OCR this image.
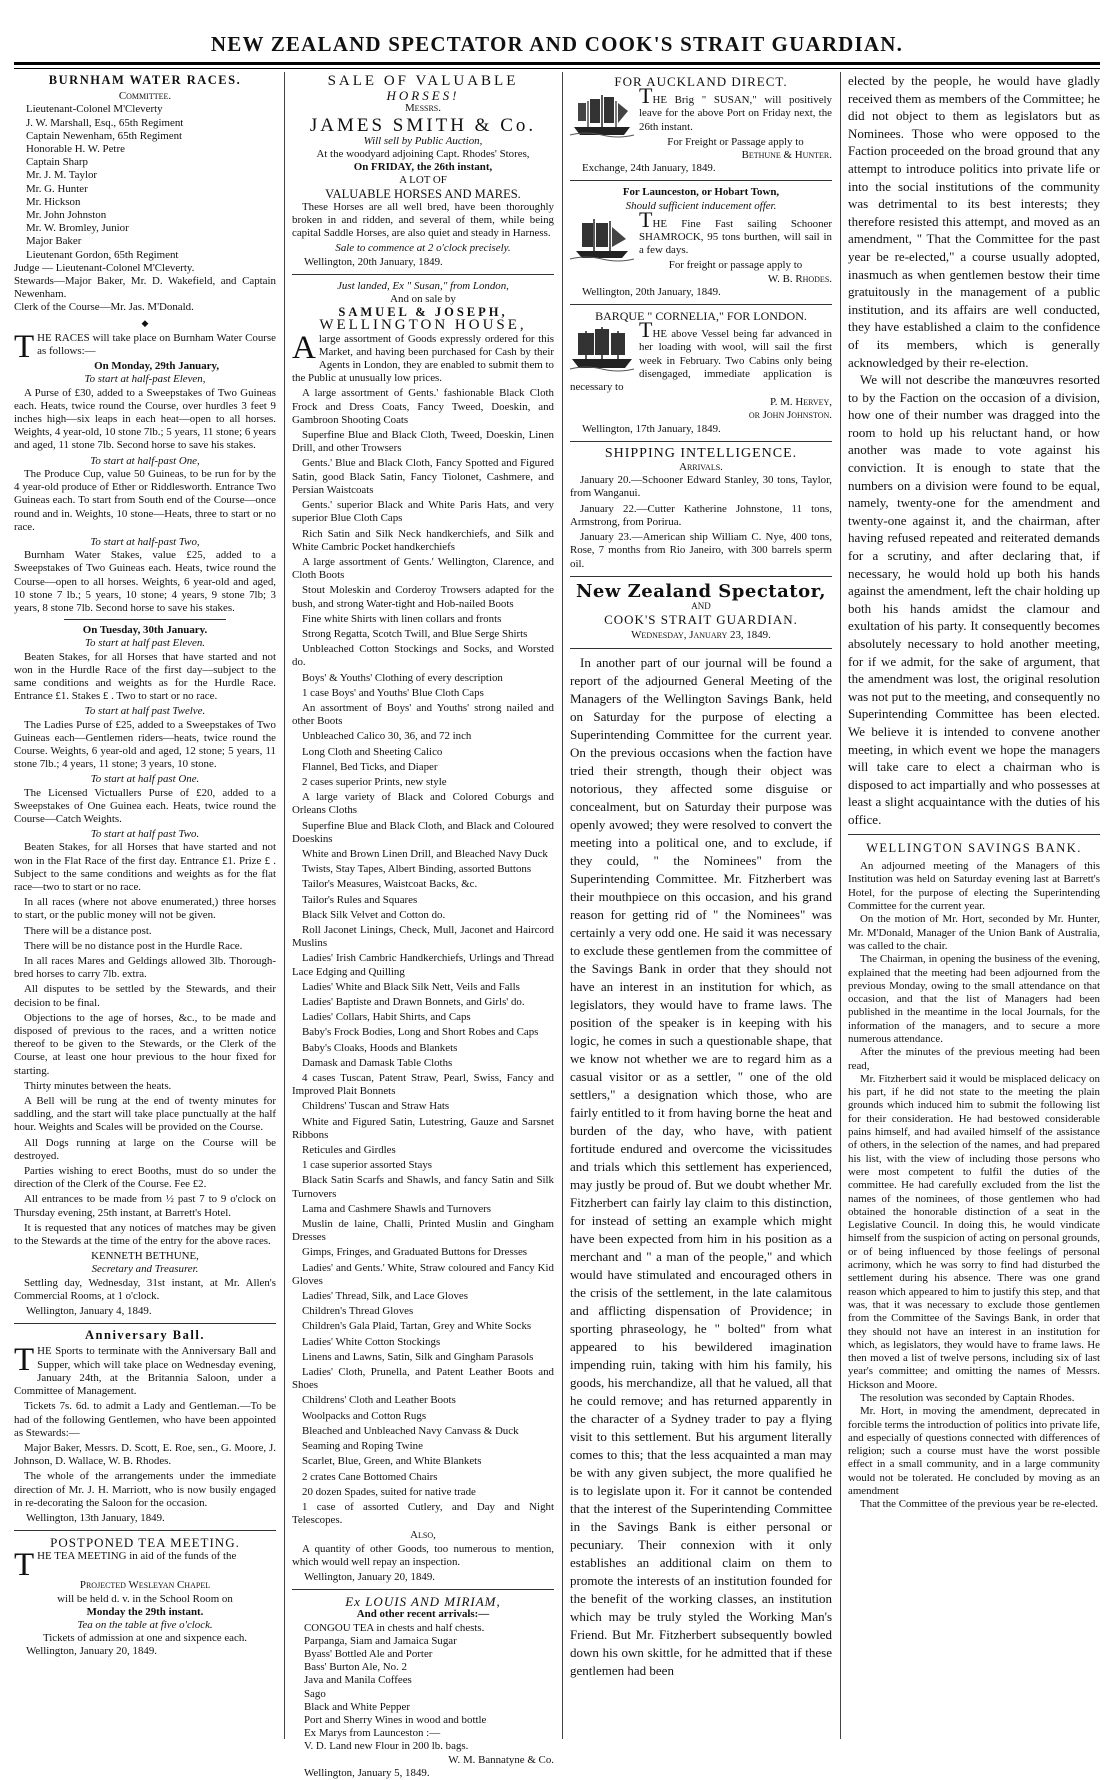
NEW ZEALAND SPECTATOR AND COOK'S STRAIT GUARDIAN.
BURNHAM WATER RACES.
Committee.
Lieutenant-Colonel M'Cleverty
J. W. Marshall, Esq., 65th Regiment
Captain Newenham, 65th Regiment
Honorable H. W. Petre
Captain Sharp
Mr. J. M. Taylor
Mr. G. Hunter
Mr. Hickson
Mr. John Johnston
Mr. W. Bromley, Junior
Major Baker
Lieutenant Gordon, 65th Regiment
Judge — Lieutenant-Colonel M'Cleverty.
Stewards—Major Baker, Mr. D. Wakefield, and Captain Newenham.
Clerk of the Course—Mr. Jas. M'Donald.
◆

THE RACES will take place on Burnham Water Course as follows:—

On Monday, 29th January,
To start at half-past Eleven,

A Purse of £30, added to a Sweepstakes of Two Guineas each. Heats, twice round the Course, over hurdles 3 feet 9 inches high—six leaps in each heat—open to all horses. Weights, 4 year-old, 10 stone 7lb.; 5 years, 11 stone; 6 years and aged, 11 stone 7lb. Second horse to save his stakes.

To start at half-past One,

The Produce Cup, value 50 Guineas, to be run for by the 4 year-old produce of Ether or Riddlesworth. Entrance Two Guineas each. To start from South end of the Course—once round and in. Weights, 10 stone—Heats, three to start or no race.

To start at half-past Two,

Burnham Water Stakes, value £25, added to a Sweepstakes of Two Guineas each. Heats, twice round the Course—open to all horses. Weights, 6 year-old and aged, 10 stone 7 lb.; 5 years, 10 stone; 4 years, 9 stone 7lb; 3 years, 8 stone 7lb. Second horse to save his stakes.

On Tuesday, 30th January.
To start at half past Eleven.

Beaten Stakes, for all Horses that have started and not won in the Hurdle Race of the first day—subject to the same conditions and weights as for the Hurdle Race. Entrance £1. Stakes £ . Two to start or no race.

To start at half past Twelve.

The Ladies Purse of £25, added to a Sweepstakes of Two Guineas each—Gentlemen riders—heats, twice round the Course. Weights, 6 year-old and aged, 12 stone; 5 years, 11 stone 7lb.; 4 years, 11 stone; 3 years, 10 stone.

To start at half past One.

The Licensed Victuallers Purse of £20, added to a Sweepstakes of One Guinea each. Heats, twice round the Course—Catch Weights.

To start at half past Two.

Beaten Stakes, for all Horses that have started and not won in the Flat Race of the first day. Entrance £1. Prize £ . Subject to the same conditions and weights as for the flat race—two to start or no race.

In all races (where not above enumerated,) three horses to start, or the public money will not be given.

There will be a distance post.

There will be no distance post in the Hurdle Race.

In all races Mares and Geldings allowed 3lb. Thorough-bred horses to carry 7lb. extra.

All disputes to be settled by the Stewards, and their decision to be final.

Objections to the age of horses, &c., to be made and disposed of previous to the races, and a written notice thereof to be given to the Stewards, or the Clerk of the Course, at least one hour previous to the hour fixed for starting.

Thirty minutes between the heats.

A Bell will be rung at the end of twenty minutes for saddling, and the start will take place punctually at the half hour. Weights and Scales will be provided on the Course.

All Dogs running at large on the Course will be destroyed.

Parties wishing to erect Booths, must do so under the direction of the Clerk of the Course. Fee £2.

All entrances to be made from ½ past 7 to 9 o'clock on Thursday evening, 25th instant, at Barrett's Hotel.

It is requested that any notices of matches may be given to the Stewards at the time of the entry for the above races.

KENNETH BETHUNE,
Secretary and Treasurer.

Settling day, Wednesday, 31st instant, at Mr. Allen's Commercial Rooms, at 1 o'clock.

Wellington, January 4, 1849.
Anniversary Ball.

THE Sports to terminate with the Anniversary Ball and Supper, which will take place on Wednesday evening, January 24th, at the Britannia Saloon, under a Committee of Management.

Tickets 7s. 6d. to admit a Lady and Gentleman.—To be had of the following Gentlemen, who have been appointed as Stewards:—

Major Baker, Messrs. D. Scott, E. Roe, sen., G. Moore, J. Johnson, D. Wallace, W. B. Rhodes.

The whole of the arrangements under the immediate direction of Mr. J. H. Marriott, who is now busily engaged in re-decorating the Saloon for the occasion.

Wellington, 13th January, 1849.
POSTPONED TEA MEETING.

THE TEA MEETING in aid of the funds of the

Projected Wesleyan Chapel
will be held d. v. in the School Room on
Monday the 29th instant.
Tea on the table at five o'clock.
Tickets of admission at one and sixpence each.
Wellington, January 20, 1849.
SALE OF VALUABLE
HORSES!
Messrs.
JAMES SMITH & Co.
Will sell by Public Auction,
At the woodyard adjoining Capt. Rhodes' Stores,
On FRIDAY, the 26th instant,
A LOT OF
VALUABLE HORSES AND MARES.

These Horses are all well bred, have been thoroughly broken in and ridden, and several of them, while being capital Saddle Horses, are also quiet and steady in Harness.

Sale to commence at 2 o'clock precisely.
Wellington, 20th January, 1849.
Just landed, Ex " Susan," from London,
And on sale by
SAMUEL & JOSEPH,
WELLINGTON HOUSE,

Alarge assortment of Goods expressly ordered for this Market, and having been purchased for Cash by their Agents in London, they are enabled to submit them to the Public at unusually low prices.

A large assortment of Gents.' fashionable Black Cloth Frock and Dress Coats, Fancy Tweed, Doeskin, and Gambroon Shooting Coats

Superfine Blue and Black Cloth, Tweed, Doeskin, Linen Drill, and other Trowsers

Gents.' Blue and Black Cloth, Fancy Spotted and Figured Satin, good Black Satin, Fancy Tiolonet, Cashmere, and Persian Waistcoats

Gents.' superior Black and White Paris Hats, and very superior Blue Cloth Caps

Rich Satin and Silk Neck handkerchiefs, and Silk and White Cambric Pocket handkerchiefs

A large assortment of Gents.' Wellington, Clarence, and Cloth Boots

Stout Moleskin and Corderoy Trowsers adapted for the bush, and strong Water-tight and Hob-nailed Boots

Fine white Shirts with linen collars and fronts

Strong Regatta, Scotch Twill, and Blue Serge Shirts

Unbleached Cotton Stockings and Socks, and Worsted do.

Boys' & Youths' Clothing of every description

1 case Boys' and Youths' Blue Cloth Caps

An assortment of Boys' and Youths' strong nailed and other Boots

Unbleached Calico 30, 36, and 72 inch

Long Cloth and Sheeting Calico

Flannel, Bed Ticks, and Diaper

2 cases superior Prints, new style

A large variety of Black and Colored Coburgs and Orleans Cloths

Superfine Blue and Black Cloth, and Black and Coloured Doeskins

White and Brown Linen Drill, and Bleached Navy Duck

Twists, Stay Tapes, Albert Binding, assorted Buttons

Tailor's Measures, Waistcoat Backs, &c.

Tailor's Rules and Squares

Black Silk Velvet and Cotton do.

Roll Jaconet Linings, Check, Mull, Jaconet and Haircord Muslins

Ladies' Irish Cambric Handkerchiefs, Urlings and Thread Lace Edging and Quilling

Ladies' White and Black Silk Nett, Veils and Falls

Ladies' Baptiste and Drawn Bonnets, and Girls' do.

Ladies' Collars, Habit Shirts, and Caps

Baby's Frock Bodies, Long and Short Robes and Caps

Baby's Cloaks, Hoods and Blankets

Damask and Damask Table Cloths

4 cases Tuscan, Patent Straw, Pearl, Swiss, Fancy and Improved Plait Bonnets

Childrens' Tuscan and Straw Hats

White and Figured Satin, Lutestring, Gauze and Sarsnet Ribbons

Reticules and Girdles

1 case superior assorted Stays

Black Satin Scarfs and Shawls, and fancy Satin and Silk Turnovers

Lama and Cashmere Shawls and Turnovers

Muslin de laine, Challi, Printed Muslin and Gingham Dresses

Gimps, Fringes, and Graduated Buttons for Dresses

Ladies' and Gents.' White, Straw coloured and Fancy Kid Gloves

Ladies' Thread, Silk, and Lace Gloves

Children's Thread Gloves

Children's Gala Plaid, Tartan, Grey and White Socks

Ladies' White Cotton Stockings

Linens and Lawns, Satin, Silk and Gingham Parasols

Ladies' Cloth, Prunella, and Patent Leather Boots and Shoes

Childrens' Cloth and Leather Boots

Woolpacks and Cotton Rugs

Bleached and Unbleached Navy Canvass & Duck

Seaming and Roping Twine

Scarlet, Blue, Green, and White Blankets

2 crates Cane Bottomed Chairs

20 dozen Spades, suited for native trade

1 case of assorted Cutlery, and Day and Night Telescopes.

Also,

A quantity of other Goods, too numerous to mention, which would well repay an inspection.

Wellington, January 20, 1849.
Ex LOUIS AND MIRIAM,
And other recent arrivals:—
CONGOU TEA in chests and half chests.
Parpanga, Siam and Jamaica Sugar
Byass' Bottled Ale and Porter
Bass' Burton Ale, No. 2
Java and Manila Coffees
Sago
Black and White Pepper
Port and Sherry Wines in wood and bottle
Ex Marys from Launceston :—
V. D. Land new Flour in 200 lb. bags.
W. M. Bannatyne & Co.
Wellington, January 5, 1849.
FOR AUCKLAND DIRECT.

THE Brig " SUSAN," will positively leave for the above Port on Friday next, the 26th instant.

For Freight or Passage apply to
Bethune & Hunter.
Exchange, 24th January, 1849.
For Launceston, or Hobart Town,
Should sufficient inducement offer.

THE Fine Fast sailing Schooner SHAMROCK, 95 tons burthen, will sail in a few days.

For freight or passage apply to
W. B. Rhodes.
Wellington, 20th January, 1849.
BARQUE " CORNELIA," FOR LONDON.

THE above Vessel being far advanced in her loading with wool, will sail the first week in February. Two Cabins only being disengaged, immediate application is necessary to

P. M. Hervey,
or John Johnston.
Wellington, 17th January, 1849.
SHIPPING INTELLIGENCE.
Arrivals.

January 20.—Schooner Edward Stanley, 30 tons, Taylor, from Wanganui.

January 22.—Cutter Katherine Johnstone, 11 tons, Armstrong, from Porirua.

January 23.—American ship William C. Nye, 400 tons, Rose, 7 months from Rio Janeiro, with 300 barrels sperm oil.

New Zealand Spectator,
AND
COOK'S STRAIT GUARDIAN.
Wednesday, January 23, 1849.

In another part of our journal will be found a report of the adjourned General Meeting of the Managers of the Wellington Savings Bank, held on Saturday for the purpose of electing a Superintending Committee for the current year. On the previous occasions when the faction have tried their strength, though their object was notorious, they affected some disguise or concealment, but on Saturday their purpose was openly avowed; they were resolved to convert the meeting into a political one, and to exclude, if they could, " the Nominees" from the Superintending Committee. Mr. Fitzherbert was their mouthpiece on this occasion, and his grand reason for getting rid of " the Nominees" was certainly a very odd one. He said it was necessary to exclude these gentlemen from the committee of the Savings Bank in order that they should not have an interest in an institution for which, as legislators, they would have to frame laws. The position of the speaker is in keeping with his logic, he comes in such a questionable shape, that we know not whether we are to regard him as a casual visitor or as a settler, " one of the old settlers," a designation which those, who are fairly entitled to it from having borne the heat and burden of the day, who have, with patient fortitude endured and overcome the vicissitudes and trials which this settlement has experienced, may justly be proud of. But we doubt whether Mr. Fitzherbert can fairly lay claim to this distinction, for instead of setting an example which might have been expected from him in his position as a merchant and " a man of the people," and which would have stimulated and encouraged others in the crisis of the settlement, in the late calamitous and afflicting dispensation of Providence; in sporting phraseology, he " bolted" from what appeared to his bewildered imagination impending ruin, taking with him his family, his goods, his merchandize, all that he valued, all that he could remove; and has returned apparently in the character of a Sydney trader to pay a flying visit to this settlement. But his argument literally comes to this; that the less acquainted a man may be with any given subject, the more qualified he is to legislate upon it. For it cannot be contended that the interest of the Superintending Committee in the Savings Bank is either personal or pecuniary. Their connexion with it only establishes an additional claim on them to promote the interests of an institution founded for the benefit of the working classes, an institution which may be truly styled the Working Man's Friend. But Mr. Fitzherbert subsequently bowled down his own skittle, for he admitted that if these gentlemen had been

elected by the people, he would have gladly received them as members of the Committee; he did not object to them as legislators but as Nominees. Those who were opposed to the Faction proceeded on the broad ground that any attempt to introduce politics into private life or into the social institutions of the community was detrimental to its best interests; they therefore resisted this attempt, and moved as an amendment, " That the Committee for the past year be re-elected," a course usually adopted, inasmuch as when gentlemen bestow their time gratuitously in the management of a public institution, and its affairs are well conducted, they have established a claim to the confidence of its members, which is generally acknowledged by their re-election.

We will not describe the manœuvres resorted to by the Faction on the occasion of a division, how one of their number was dragged into the room to hold up his reluctant hand, or how another was made to vote against his conviction. It is enough to state that the numbers on a division were found to be equal, namely, twenty-one for the amendment and twenty-one against it, and the chairman, after having refused repeated and reiterated demands for a scrutiny, and after declaring that, if necessary, he would hold up both his hands against the amendment, left the chair holding up both his hands amidst the clamour and exultation of his party. It consequently becomes absolutely necessary to hold another meeting, for if we admit, for the sake of argument, that the amendment was lost, the original resolution was not put to the meeting, and consequently no Superintending Committee has been elected. We believe it is intended to convene another meeting, in which event we hope the managers will take care to elect a chairman who is disposed to act impartially and who possesses at least a slight acquaintance with the duties of his office.

WELLINGTON SAVINGS BANK.

An adjourned meeting of the Managers of this Institution was held on Saturday evening last at Barrett's Hotel, for the purpose of electing the Superintending Committee for the current year.

On the motion of Mr. Hort, seconded by Mr. Hunter, Mr. M'Donald, Manager of the Union Bank of Australia, was called to the chair.

The Chairman, in opening the business of the evening, explained that the meeting had been adjourned from the previous Monday, owing to the small attendance on that occasion, and that the list of Managers had been published in the meantime in the local Journals, for the information of the managers, and to secure a more numerous attendance.

After the minutes of the previous meeting had been read,

Mr. Fitzherbert said it would be misplaced delicacy on his part, if he did not state to the meeting the plain grounds which induced him to submit the following list for their consideration. He had bestowed considerable pains himself, and had availed himself of the assistance of others, in the selection of the names, and had prepared his list, with the view of including those persons who were most competent to fulfil the duties of the committee. He had carefully excluded from the list the names of the nominees, of those gentlemen who had obtained the honorable distinction of a seat in the Legislative Council. In doing this, he would vindicate himself from the suspicion of acting on personal grounds, or of being influenced by those feelings of personal acrimony, which he was sorry to find had disturbed the settlement during his absence. There was one grand reason which appeared to him to justify this step, and that was, that it was necessary to exclude those gentlemen from the Committee of the Savings Bank, in order that they should not have an interest in an institution for which, as legislators, they would have to frame laws. He then moved a list of twelve persons, including six of last year's committee; and omitting the names of Messrs. Hickson and Moore.

The resolution was seconded by Captain Rhodes.

Mr. Hort, in moving the amendment, deprecated in forcible terms the introduction of politics into private life, and especially of questions connected with differences of religion; such a course must have the worst possible effect in a small community, and in a large community would not be tolerated. He concluded by moving as an amendment

That the Committee of the previous year be re-elected.
